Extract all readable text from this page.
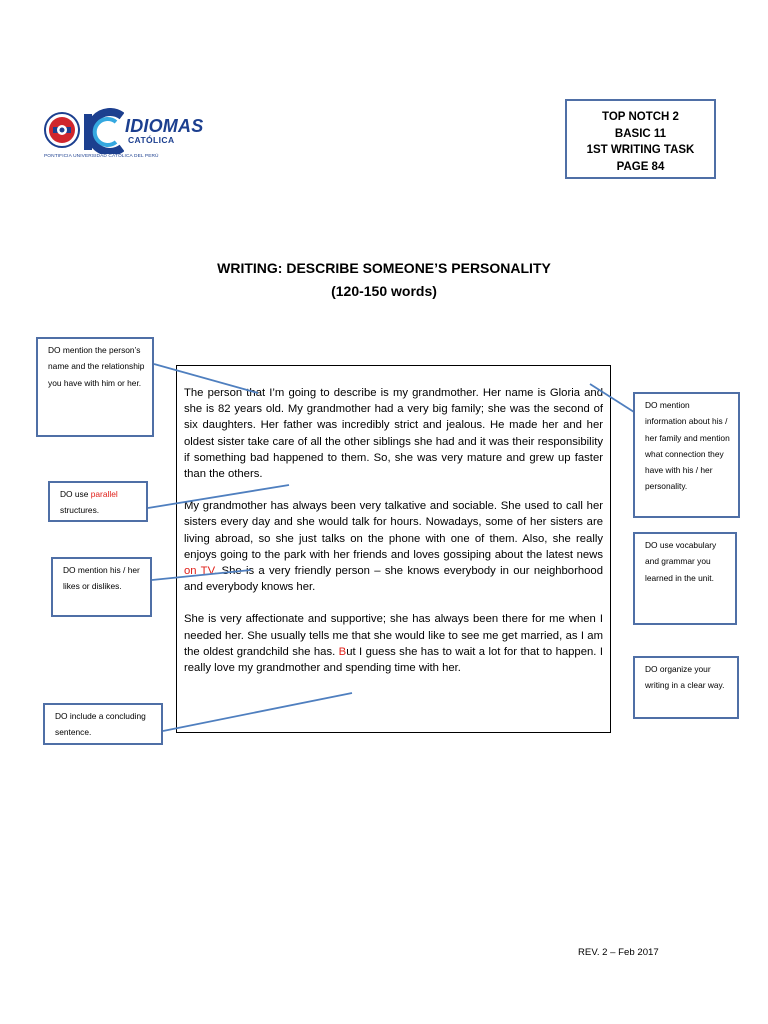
IDIOMAS
CATÓLICA
PONTIFICIA UNIVERSIDAD CATÓLICA DEL PERÚ
TOP NOTCH 2
BASIC 11
1ST WRITING TASK
PAGE 84
WRITING: DESCRIBE SOMEONE’S PERSONALITY
(120-150 words)

The person that I’m going to describe is my grandmother. Her name is Gloria and she is 82 years old. My grandmother had a very big family; she was the second of six daughters. Her father was incredibly strict and jealous. He made her and her oldest sister take care of all the other siblings she had and it was their responsibility if something bad happened to them. So, she was very mature and grew up faster than the others.

My grandmother has always been very talkative and sociable. She used to call her sisters every day and she would talk for hours. Nowadays, some of her sisters are living abroad, so she just talks on the phone with one of them. Also, she really enjoys going to the park with her friends and loves gossiping about the latest news on TV. She is a very friendly person – she knows everybody in our neighborhood and everybody knows her.

She is very affectionate and supportive; she has always been there for me when I needed her. She usually tells me that she would like to see me get married, as I am the oldest grandchild she has. But I guess she has to wait a lot for that to happen. I really love my grandmother and spending time with her.

DO mention the person’s name and the relationship you have with him or her.
DO use parallel structures.
DO mention his / her likes or dislikes.
DO include a concluding sentence.
DO mention information about his / her family and mention what connection they have with his / her personality.
DO use vocabulary and grammar you learned in the unit.
DO organize your writing in a clear way.
REV. 2 – Feb 2017
